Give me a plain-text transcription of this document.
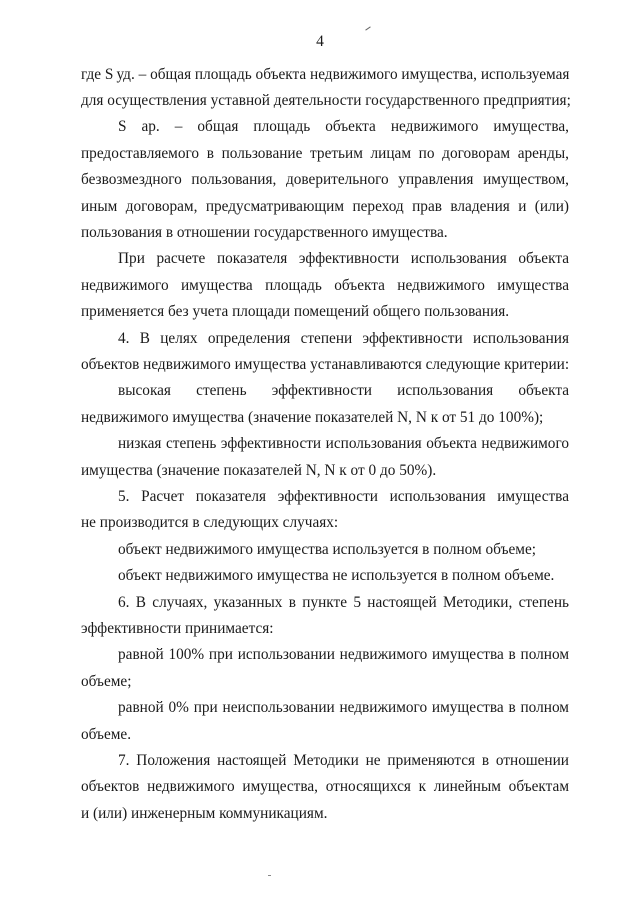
4
где S уд. – общая площадь объекта недвижимого имущества, используемая
для осуществления уставной деятельности государственного предприятия;
S ар. – общая площадь объекта недвижимого имущества,
предоставляемого в пользование третьим лицам по договорам аренды,
безвозмездного пользования, доверительного управления имуществом,
иным договорам, предусматривающим переход прав владения и (или)
пользования в отношении государственного имущества.
При расчете показателя эффективности использования объекта
недвижимого имущества площадь объекта недвижимого имущества
применяется без учета площади помещений общего пользования.
4. В целях определения степени эффективности использования
объектов недвижимого имущества устанавливаются следующие критерии:
высокая степень эффективности использования объекта
недвижимого имущества (значение показателей N, N к от 51 до 100%);
низкая степень эффективности использования объекта недвижимого
имущества (значение показателей N, N к от 0 до 50%).
5. Расчет показателя эффективности использования имущества
не производится в следующих случаях:
объект недвижимого имущества используется в полном объеме;
объект недвижимого имущества не используется в полном объеме.
6. В случаях, указанных в пункте 5 настоящей Методики, степень
эффективности принимается:
равной 100% при использовании недвижимого имущества в полном
объеме;
равной 0% при неиспользовании недвижимого имущества в полном
объеме.
7. Положения настоящей Методики не применяются в отношении
объектов недвижимого имущества, относящихся к линейным объектам
и (или) инженерным коммуникациям.
